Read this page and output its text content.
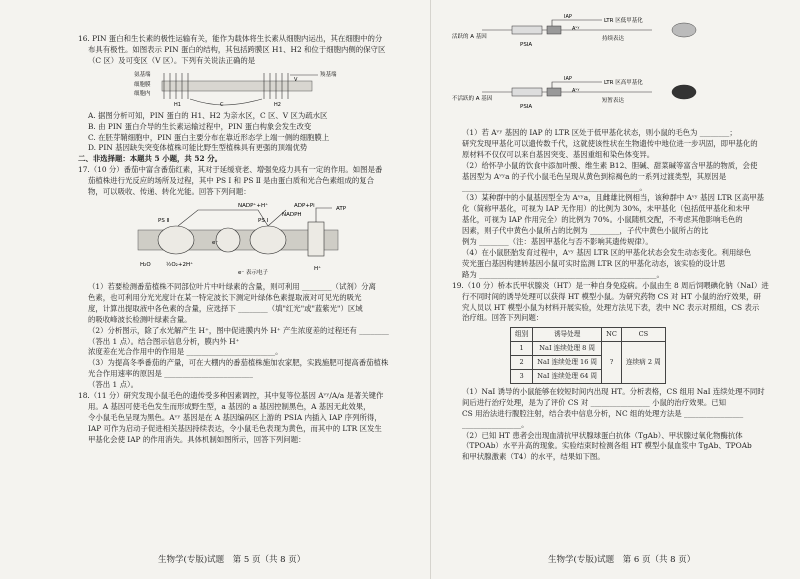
16. PIN 蛋白和生长素的极性运输有关，能作为载体将生长素从细胞内运出，其在细胞中的分

布具有极性。如图表示 PIN 蛋白的结构，其包括跨膜区 H1、H2 和位于细胞内侧的保守区

（C 区）及可变区（V 区）。下列有关说法正确的是

氨基端
细胞膜
细胞内
羧基端
H1	H2
C
V

A. 据图分析可知，PIN 蛋白的 H1、H2 为亲水区，C 区、V 区为疏水区

B. 由 PIN 蛋白介导的生长素运输过程中，PIN 蛋白构象会发生改变

C. 在胚芽鞘细胞中，PIN 蛋白主要分布在靠近形态学上端一侧的细胞膜上

D. PIN 基因缺失突变体植株可能比野生型植株具有更强的顶端优势

二、非选择题：本题共 5 小题，共 52 分。

17.（10 分）番茄中富含番茄红素，其对于延缓衰老、增强免疫力具有一定的作用。如图是番

茄植株进行光反应的场所及过程，其中 PS Ⅰ 和 PS Ⅱ 是由蛋白质和光合色素组成的复合

物，可以吸收、传递、转化光能。回答下列问题：

PS Ⅱ	PS Ⅰ
NADP⁺+H⁺	ADP+Pi	ATP
NADPH
H₂O	½O₂+2H⁺
e⁻
H⁺
e⁻ 表示电子

（1）若要检测番茄植株不同部位叶片中叶绿素的含量，则可利用 ________（试剂）分离

色素，也可利用分光光度计在某一特定波长下测定叶绿体色素提取液对可见光的吸光

度，计算出提取液中各色素的含量，应选择下 ________（填"红光"或"蓝紫光"）区域

的吸收峰波长检测叶绿素含量。

（2）分析图示，除了水光解产生 H⁺，图中促进膜内外 H⁺ 产生浓度差的过程还有 ________

（答出 1 点）。结合图示信息分析，膜内外 H⁺

浓度差在光合作用中的作用是 ________________________。

（3）为提高冬季番茄的产量，可在大棚内的番茄植株施加农家肥，实践施肥可提高番茄植株

光合作用速率的原因是 ________________________

（答出 1 点）。

18.（11 分）研究发现小鼠毛色的遗传受多种因素调控，其中复等位基因 Aᵛʸ/A/a 是著关键作

用。A 基因可使毛色发生而形成野生型，a 基因的 a 基因控制黑色，A 基因无此效果，

令小鼠毛色呈现为黑色。Aᵛʸ 基因是在 A 基因编码区上游的 PSIA 内插入 IAP 序列所得，

IAP 可作为启动子促进相关基因持续表达，令小鼠毛色表现为黄色，而其中的 LTR 区发生

甲基化会使 IAP 的作用消失。具体机制如图所示，回答下列问题：

生物学(专版)试题　第 5 页（共 8 页）
LTR 区低甲基化
LTR 区高甲基化
活跃的 A 基因
不活跃的 A 基因
PSIA
PSIA
持续表达
短暂表达
IAP
IAP
Aᵛʸ
Aᵛʸ

（1）若 Aᵛʸ 基因的 IAP 的 LTR 区处于低甲基化状态，则小鼠的毛色为 ________；

研究发现甲基化可以遗传数千代，这就使该性状在生物遗传中地位进一步巩固，即甲基化的

原材料不仅仅可以来自基因突变、基因重组和染色体变异。

（2）给怀孕小鼠的饮食中添加叶酸、维生素 B12、胆碱、甜菜碱等富含甲基的物质，会使

基因型为 Aᵛʸa 的子代小鼠毛色呈现从黄色到棕褐色的一系列过渡类型，其原因是

________________________________________________。

（3）某种群中的小鼠基因型全为 Aᵛʸa，且雌雄比例相当，该种群中 Aᵛʸ 基因 LTR 区高甲基

化（简称甲基化，可视为 IAP 无作用）的比例为 30%，未甲基化（包括低甲基化和未甲

基化，可视为 IAP 作用完全）的比例为 70%。小鼠随机交配，不考虑其他影响毛色的

因素，则子代中黄色小鼠所占的比例为 ________，子代中黄色小鼠所占的比

例为 ________（注：基因甲基化与否不影响其遗传规律）。

（4）在小鼠胚胎发育过程中，Aᵛʸ 基因 LTR 区的甲基化状态会发生动态变化。利用绿色

荧光蛋白基因构建转基因小鼠可实时监测 LTR 区的甲基化动态，该实验的设计思

路为 ________________________________________________。

19.（10 分）桥本氏甲状腺炎（HT）是一种自身免疫病。小鼠由生 8 周后饲喂碘化钠（NaI）进

行不同时间的诱导处理可以获得 HT 模型小鼠。为研究药物 CS 对 HT 小鼠的治疗效果，研

究人员以 HT 模型小鼠为材料开展实验，处理方法见下表，表中 NC 表示对照组，CS 表示

治疗组。回答下列问题：

组别	诱导处理	NC	CS
1	NaI 连续处理 8 周	?	连续病 2 周
2	NaI 连续处理 16 周		
3	NaI 连续处理 64 周		

（1）NaI 诱导的小鼠能够在较短时间内出现 HT。分析表格，CS 组用 NaI 连续处理不同时

间后进行治疗处理，是为了评价 CS 对 ________________ 小鼠的治疗效果。已知

CS 用治法进行腹腔注射，结合表中信息分析，NC 组的处理方法是 ________________

________________。

（2）已知 HT 患者会出现血清抗甲状腺球蛋白抗体（TgAb）、甲状腺过氧化物酶抗体

（TPOAb）水平升高的现象。实验结束时检测各组 HT 模型小鼠血浆中 TgAb、TPOAb

和甲状腺激素（T4）的水平，结果如下图。

生物学(专版)试题　第 6 页（共 8 页）
